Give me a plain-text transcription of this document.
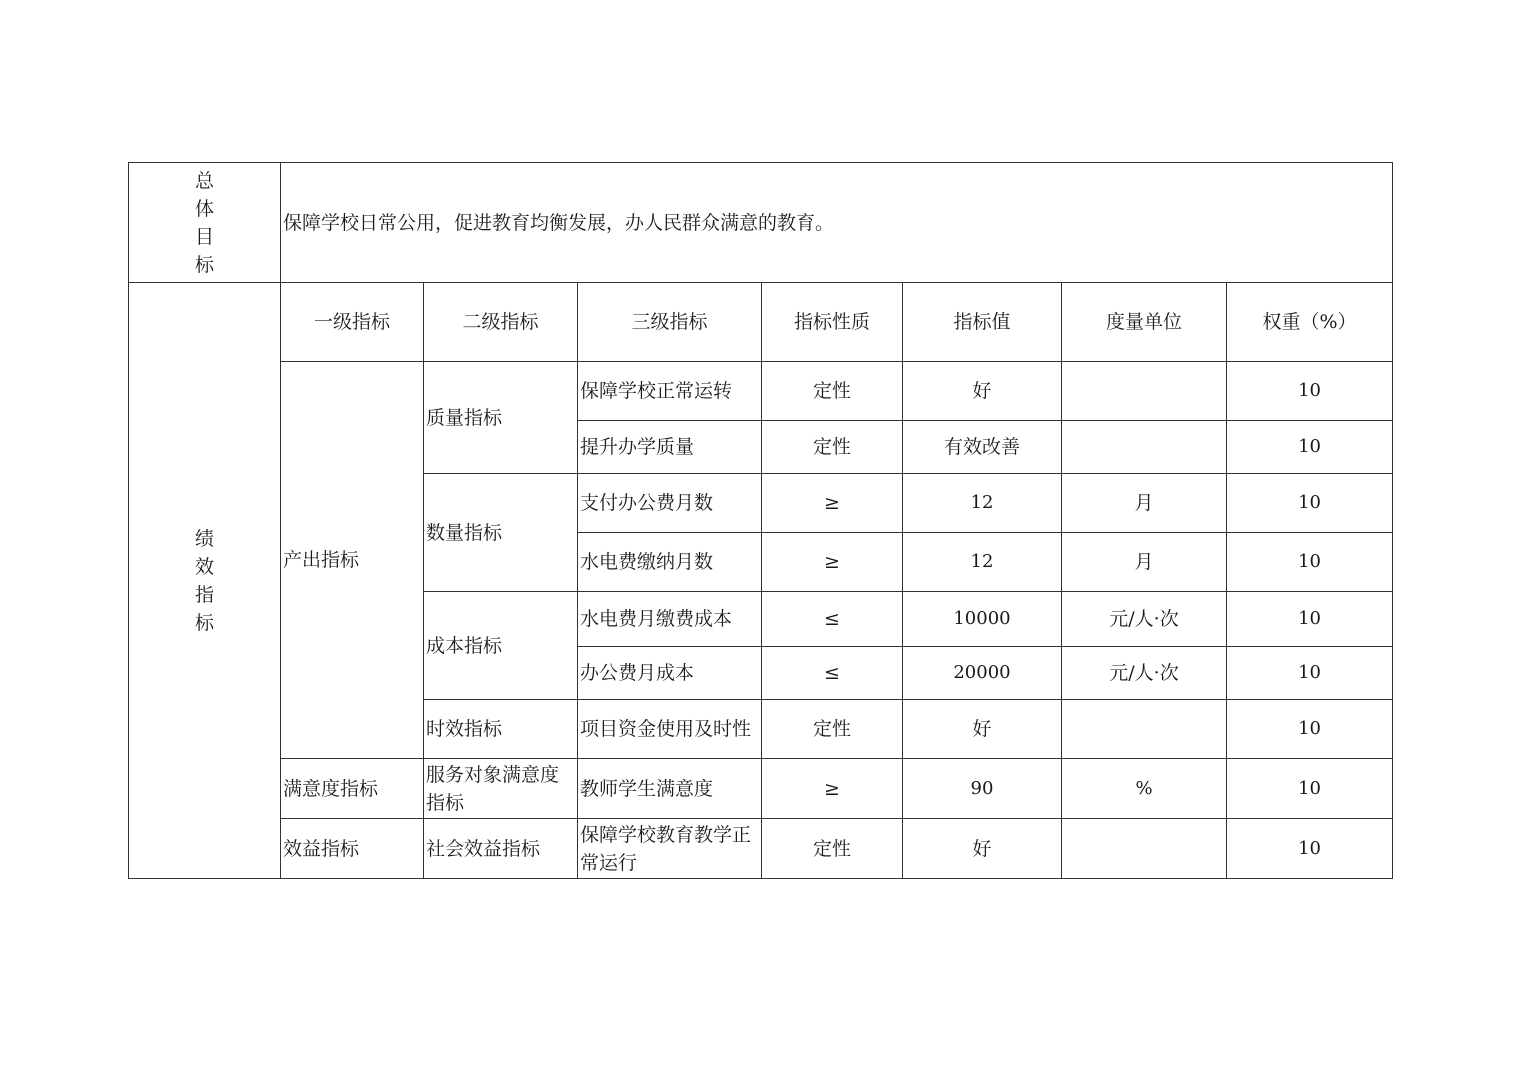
总
体
目
标	保障学校日常公用，促进教育均衡发展，办人民群众满意的教育。						

绩
效
指
标	一级指标	二级指标	三级指标	指标性质	指标值	度量单位	权重（%）
	产出指标	质量指标	保障学校正常运转	定性	好		10
			提升办学质量	定性	有效改善		10
		数量指标	支付办公费月数	≥	12	月	10
			水电费缴纳月数	≥	12	月	10
		成本指标	水电费月缴费成本	≤	10000	元/人·次	10
			办公费月成本	≤	20000	元/人·次	10
		时效指标	项目资金使用及时性	定性	好		10
	满意度指标	服务对象满意度指标	教师学生满意度	≥	90	%	10
	效益指标	社会效益指标	保障学校教育教学正常运行	定性	好		10
